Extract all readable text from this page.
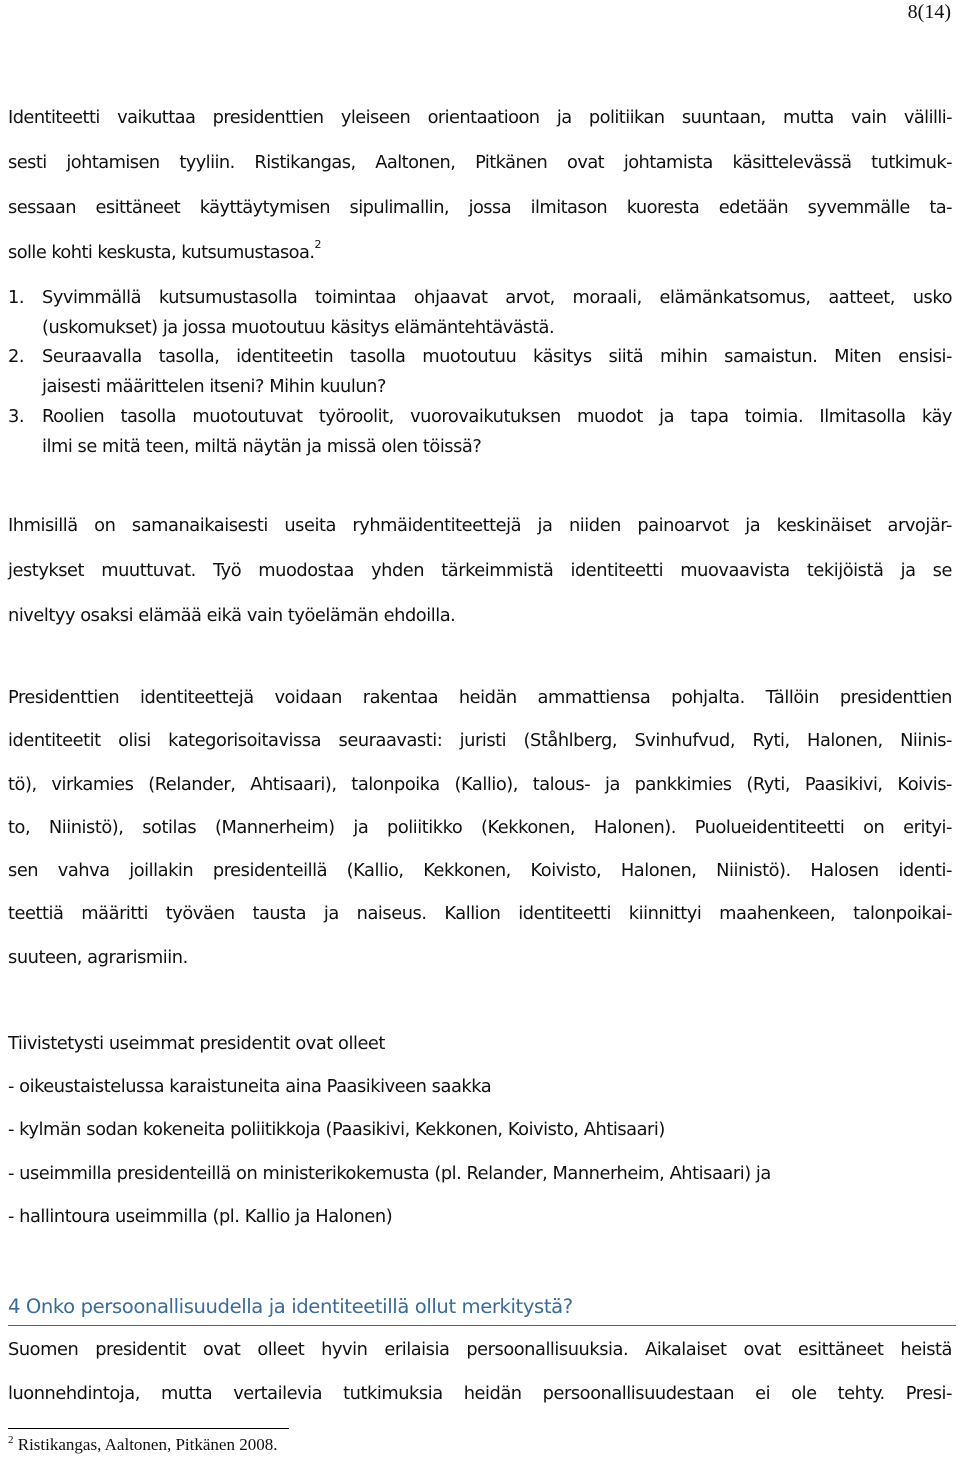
8(14)
Identiteetti vaikuttaa presidenttien yleiseen orientaatioon ja politiikan suuntaan, mutta vain välilli-
sesti johtamisen tyyliin. Ristikangas, Aaltonen, Pitkänen ovat johtamista käsittelevässä tutkimuk-
sessaan esittäneet käyttäytymisen sipulimallin, jossa ilmitason kuoresta edetään syvemmälle ta-
solle kohti keskusta, kutsumustasoa.$^2$
1.	Syvimmällä kutsumustasolla toimintaa ohjaavat arvot, moraali, elämänkatsomus, aatteet, usko
(uskomukset) ja jossa muotoutuu käsitys elämäntehtävästä.
2.	Seuraavalla tasolla, identiteetin tasolla muotoutuu käsitys siitä mihin samaistun. Miten ensisi-
jaisesti määrittelen itseni? Mihin kuulun?
3.	Roolien tasolla muotoutuvat työroolit, vuorovaikutuksen muodot ja tapa toimia. Ilmitasolla käy
ilmi se mitä teen, miltä näytän ja missä olen töissä?
Ihmisillä on samanaikaisesti useita ryhmäidentiteettejä ja niiden painoarvot ja keskinäiset arvojär-
jestykset muuttuvat. Työ muodostaa yhden tärkeimmistä identiteetti muovaavista tekijöistä ja se
niveltyy osaksi elämää eikä vain työelämän ehdoilla.
Presidenttien identiteettejä voidaan rakentaa heidän ammattiensa pohjalta. Tällöin presidenttien
identiteetit olisi kategorisoitavissa seuraavasti: juristi (Ståhlberg, Svinhufvud, Ryti, Halonen, Niinis-
tö), virkamies (Relander, Ahtisaari), talonpoika (Kallio), talous- ja pankkimies (Ryti, Paasikivi, Koivis-
to, Niinistö), sotilas (Mannerheim) ja poliitikko (Kekkonen, Halonen). Puolueidentiteetti on erityi-
sen vahva joillakin presidenteillä (Kallio, Kekkonen, Koivisto, Halonen, Niinistö). Halosen identi-
teettiä määritti työväen tausta ja naiseus. Kallion identiteetti kiinnittyi maahenkeen, talonpoikai-
suuteen, agrarismiin.
Tiivistetysti useimmat presidentit ovat olleet
- oikeustaistelussa karaistuneita aina Paasikiveen saakka
- kylmän sodan kokeneita poliitikkoja (Paasikivi, Kekkonen, Koivisto, Ahtisaari)
- useimmilla presidenteillä on ministerikokemusta (pl. Relander, Mannerheim, Ahtisaari) ja
- hallintoura useimmilla (pl. Kallio ja Halonen)
4 Onko persoonallisuudella ja identiteetillä ollut merkitystä?
Suomen presidentit ovat olleet hyvin erilaisia persoonallisuuksia. Aikalaiset ovat esittäneet heistä
luonnehdintoja, mutta vertailevia tutkimuksia heidän persoonallisuudestaan ei ole tehty. Presi-
$^2$ Ristikangas, Aaltonen, Pitkänen 2008.
